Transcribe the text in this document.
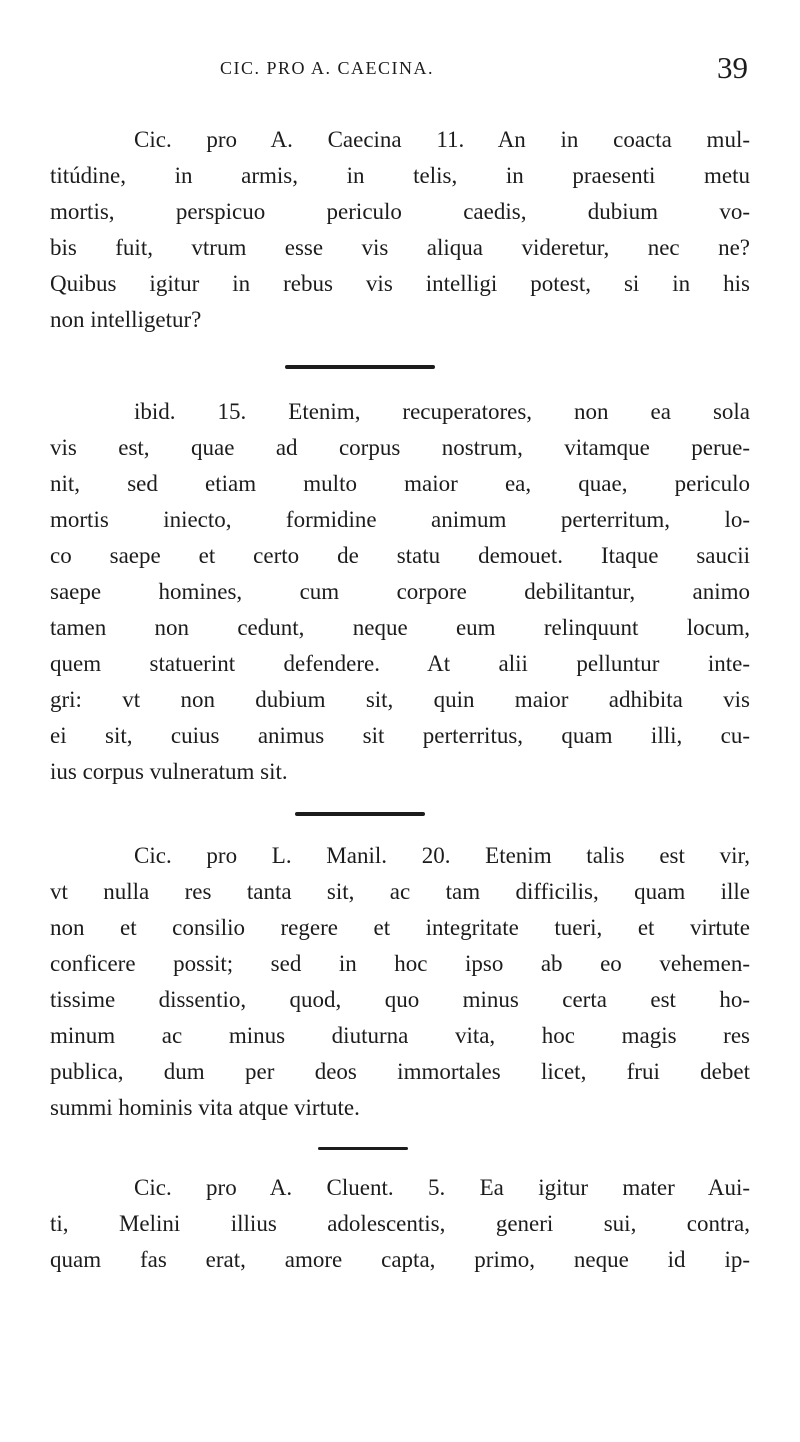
CIC. PRO A. CAECINA.	39
Cic. pro A. Caecina 11. An in coacta mul-
titúdine, in armis, in telis, in praesenti metu
mortis, perspicuo periculo caedis, dubium vo-
bis fuit, vtrum esse vis aliqua videretur, nec ne?
Quibus igitur in rebus vis intelligi potest, si in his
non intelligetur?
ibid. 15. Etenim, recuperatores, non ea sola
vis est, quae ad corpus nostrum, vitamque perue-
nit, sed etiam multo maior ea, quae, periculo
mortis iniecto, formidine animum perterritum, lo-
co saepe et certo de statu demouet. Itaque saucii
saepe homines, cum corpore debilitantur, animo
tamen non cedunt, neque eum relinquunt locum,
quem statuerint defendere. At alii pelluntur inte-
gri: vt non dubium sit, quin maior adhibita vis
ei sit, cuius animus sit perterritus, quam illi, cu-
ius corpus vulneratum sit.
Cic. pro L. Manil. 20. Etenim talis est vir,
vt nulla res tanta sit, ac tam difficilis, quam ille
non et consilio regere et integritate tueri, et virtute
conficere possit; sed in hoc ipso ab eo vehemen-
tissime dissentio, quod, quo minus certa est ho-
minum ac minus diuturna vita, hoc magis res
publica, dum per deos immortales licet, frui debet
summi hominis vita atque virtute.
Cic. pro A. Cluent. 5. Ea igitur mater Aui-
ti, Melini illius adolescentis, generi sui, contra,
quam fas erat, amore capta, primo, neque id ip-
